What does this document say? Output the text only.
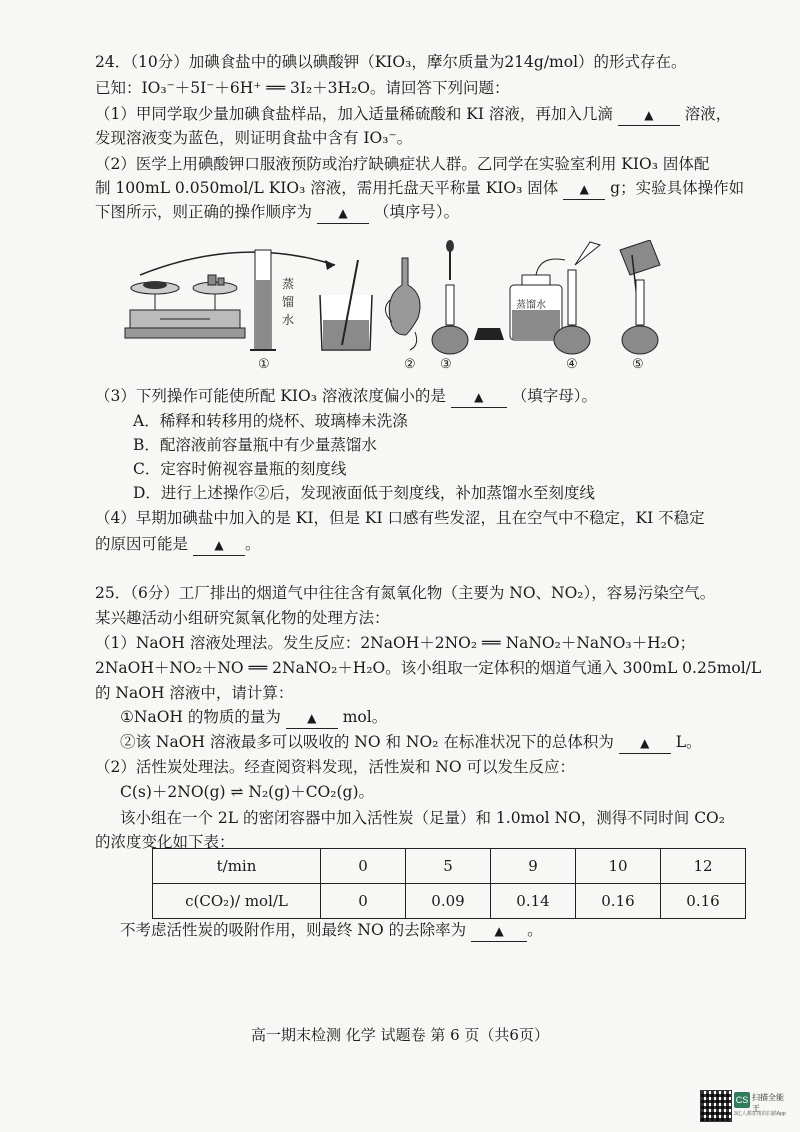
24．（10分）加碘食盐中的碘以碘酸钾（KIO₃，摩尔质量为214g/mol）的形式存在。
已知：IO₃⁻＋5I⁻＋6H⁺ ══ 3I₂＋3H₂O。请回答下列问题：
（1）甲同学取少量加碘食盐样品，加入适量稀硫酸和 KI 溶液，再加入几滴	▲ 溶液，
发现溶液变为蓝色，则证明食盐中含有 IO₃⁻。
（2）医学上用碘酸钾口服液预防或治疗缺碘症状人群。乙同学在实验室利用 KIO₃ 固体配
制 100mL 0.050mol/L KIO₃ 溶液，需用托盘天平称量 KIO₃ 固体 ▲ g；实验具体操作如
下图所示，则正确的操作顺序为 ▲ （填序号）。
蒸
馏
水
①	② ③
蒸馏水
④	⑤
（3）下列操作可能使所配 KIO₃ 溶液浓度偏小的是 ▲ （填字母）。
A．稀释和转移用的烧杯、玻璃棒未洗涤
B．配溶液前容量瓶中有少量蒸馏水
C．定容时俯视容量瓶的刻度线
D．进行上述操作②后，发现液面低于刻度线，补加蒸馏水至刻度线
（4）早期加碘盐中加入的是 KI，但是 KI 口感有些发涩，且在空气中不稳定，KI 不稳定
的原因可能是 ▲ 。
25．（6分）工厂排出的烟道气中往往含有氮氧化物（主要为 NO、NO₂），容易污染空气。
某兴趣活动小组研究氮氧化物的处理方法：
（1）NaOH 溶液处理法。发生反应：2NaOH＋2NO₂ ══ NaNO₂＋NaNO₃＋H₂O；
2NaOH＋NO₂＋NO ══ 2NaNO₂＋H₂O。该小组取一定体积的烟道气通入 300mL 0.25mol/L
的 NaOH 溶液中，请计算：
①NaOH 的物质的量为 ▲ mol。
②该 NaOH 溶液最多可以吸收的 NO 和 NO₂ 在标准状况下的总体积为 ▲ L。
（2）活性炭处理法。经查阅资料发现，活性炭和 NO 可以发生反应：
C(s)＋2NO(g) ⇌ N₂(g)＋CO₂(g)。
该小组在一个 2L 的密闭容器中加入活性炭（足量）和 1.0mol NO，测得不同时间 CO₂
的浓度变化如下表：
t/min	0	5	9	10	12
c(CO₂)/ mol/L	0	0.09	0.14	0.16	0.16
不考虑活性炭的吸附作用，则最终 NO 的去除率为 ▲ 。
高一期末检测 化学 试题卷 第 6 页（共6页）
CS 扫描全能王
3亿人都在用的扫描App
